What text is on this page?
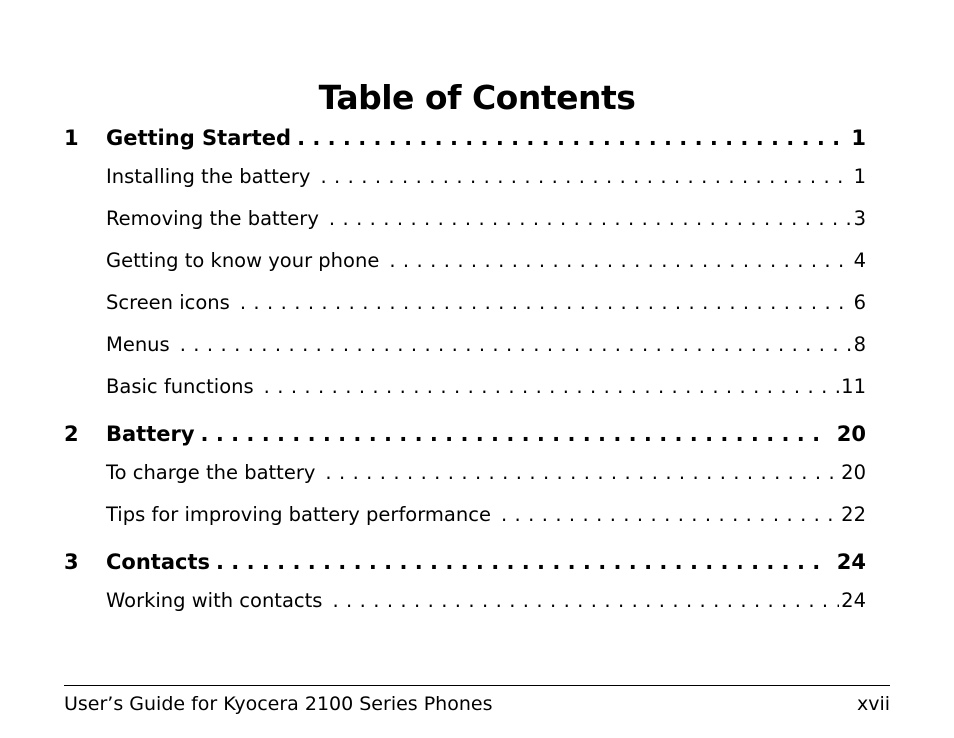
Table of Contents
1	Getting Started . . .	1
Installing the battery . . .	1
Removing the battery . . .	3
Getting to know your phone . . .	4
Screen icons . . .	6
Menus . . .	8
Basic functions . . .	11
2	Battery . . .	20
To charge the battery . . .	20
Tips for improving battery performance . . .	22
3	Contacts . . .	24
Working with contacts . . .	24
User’s Guide for Kyocera 2100 Series Phones	xvii
